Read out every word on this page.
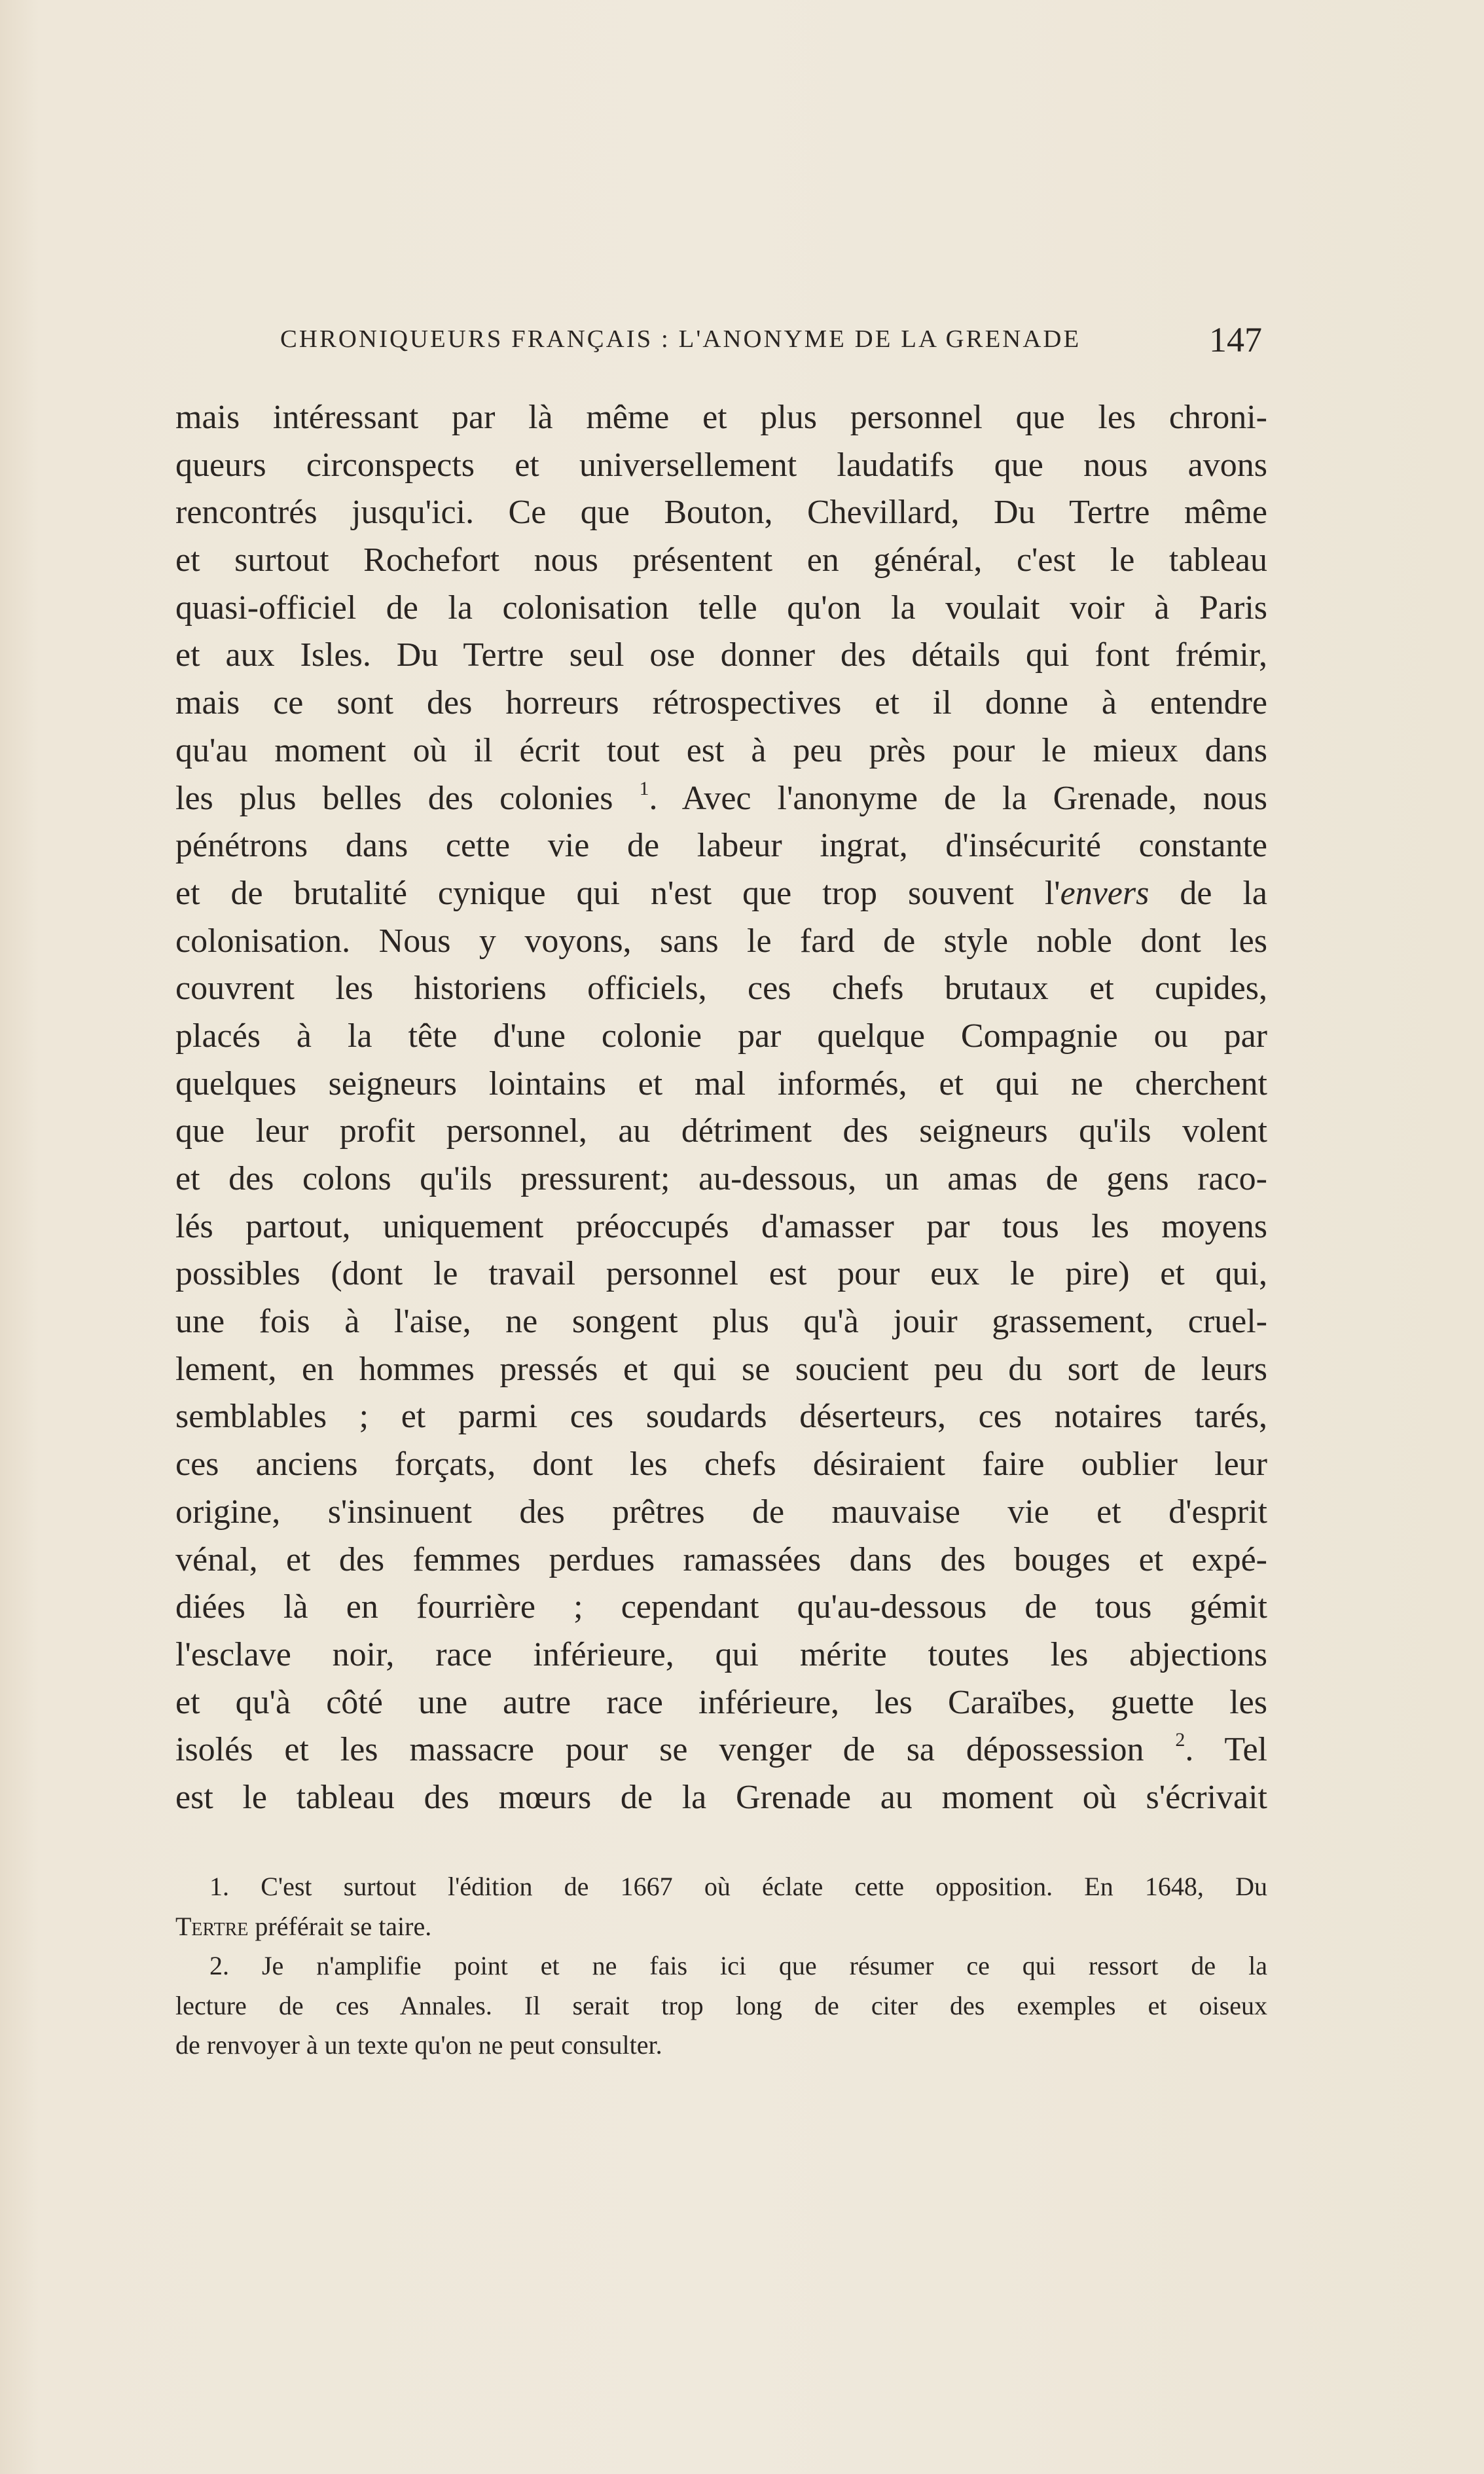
CHRONIQUEURS FRANÇAIS : L'ANONYME DE LA GRENADE	147
mais intéressant par là même et plus personnel que les chroni-
queurs circonspects et universellement laudatifs que nous avons
rencontrés jusqu'ici. Ce que Bouton, Chevillard, Du Tertre même
et surtout Rochefort nous présentent en général, c'est le tableau
quasi-officiel de la colonisation telle qu'on la voulait voir à Paris
et aux Isles. Du Tertre seul ose donner des détails qui font frémir,
mais ce sont des horreurs rétrospectives et il donne à entendre
qu'au moment où il écrit tout est à peu près pour le mieux dans
les plus belles des colonies $^1$. Avec l'anonyme de la Grenade, nous
pénétrons dans cette vie de labeur ingrat, d'insécurité constante
et de brutalité cynique qui n'est que trop souvent l'envers de la
colonisation. Nous y voyons, sans le fard de style noble dont les
couvrent les historiens officiels, ces chefs brutaux et cupides,
placés à la tête d'une colonie par quelque Compagnie ou par
quelques seigneurs lointains et mal informés, et qui ne cherchent
que leur profit personnel, au détriment des seigneurs qu'ils volent
et des colons qu'ils pressurent; au-dessous, un amas de gens raco-
lés partout, uniquement préoccupés d'amasser par tous les moyens
possibles (dont le travail personnel est pour eux le pire) et qui,
une fois à l'aise, ne songent plus qu'à jouir grassement, cruel-
lement, en hommes pressés et qui se soucient peu du sort de leurs
semblables ; et parmi ces soudards déserteurs, ces notaires tarés,
ces anciens forçats, dont les chefs désiraient faire oublier leur
origine, s'insinuent des prêtres de mauvaise vie et d'esprit
vénal, et des femmes perdues ramassées dans des bouges et expé-
diées là en fourrière ; cependant qu'au-dessous de tous gémit
l'esclave noir, race inférieure, qui mérite toutes les abjections
et qu'à côté une autre race inférieure, les Caraïbes, guette les
isolés et les massacre pour se venger de sa dépossession $^2$. Tel
est le tableau des mœurs de la Grenade au moment où s'écrivait
1. C'est surtout l'édition de 1667 où éclate cette opposition. En 1648, Du
Tertre préférait se taire.
2. Je n'amplifie point et ne fais ici que résumer ce qui ressort de la
lecture de ces Annales. Il serait trop long de citer des exemples et oiseux
de renvoyer à un texte qu'on ne peut consulter.
